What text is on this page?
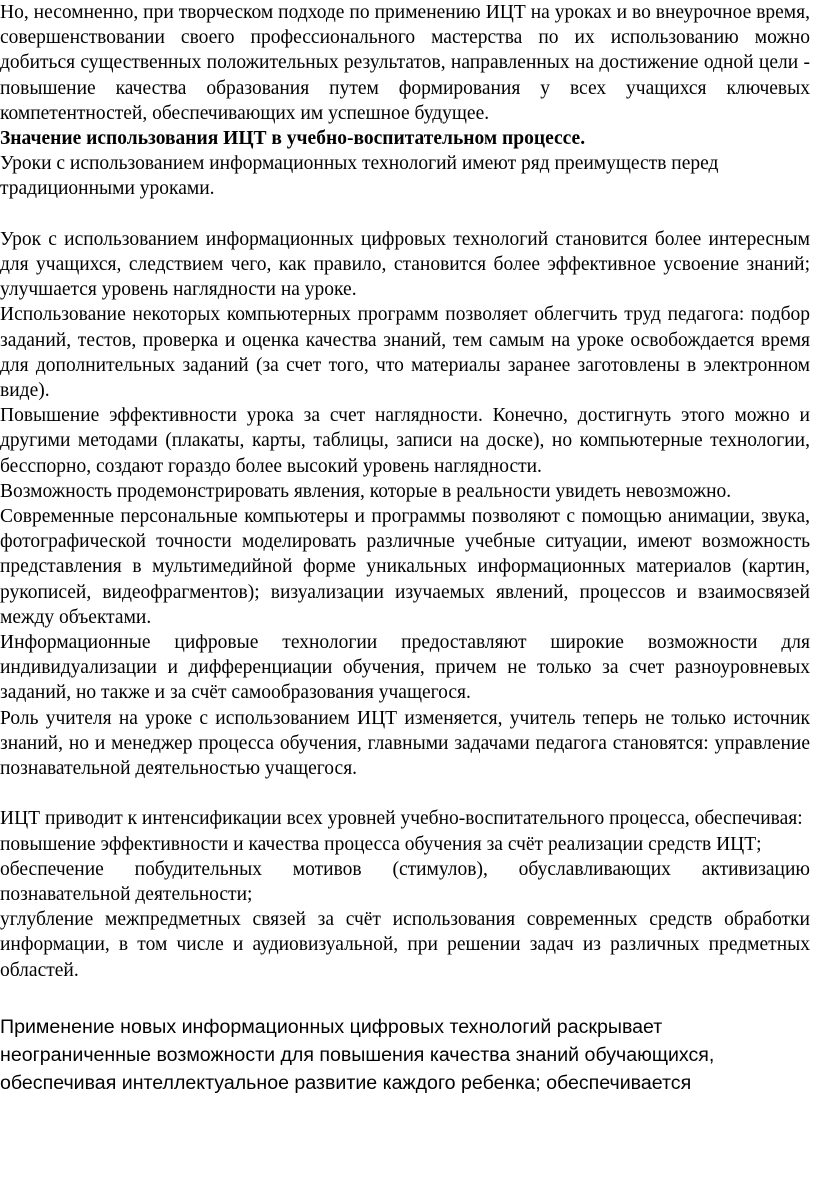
Но, несомненно, при творческом подходе по применению ИЦТ на уроках и во внеурочное время, совершенствовании своего профессионального мастерства по их использованию можно добиться существенных положительных результатов, направленных на достижение одной цели - повышение качества образования путем формирования у всех учащихся ключевых компетентностей, обеспечивающих им успешное будущее.

Значение использования ИЦТ в учебно-воспитательном процессе.

Уроки с использованием информационных технологий имеют ряд преимуществ перед традиционными уроками.

Урок с использованием информационных цифровых технологий становится более интересным для учащихся, следствием чего, как правило, становится более эффективное усвоение знаний; улучшается уровень наглядности на уроке.

Использование некоторых компьютерных программ позволяет облегчить труд педагога: подбор заданий, тестов, проверка и оценка качества знаний, тем самым на уроке освобождается время для дополнительных заданий (за счет того, что материалы заранее заготовлены в электронном виде).

Повышение эффективности урока за счет наглядности. Конечно, достигнуть этого можно и другими методами (плакаты, карты, таблицы, записи на доске), но компьютерные технологии, бесспорно, создают гораздо более высокий уровень наглядности.

Возможность продемонстрировать явления, которые в реальности увидеть невозможно.

Современные персональные компьютеры и программы позволяют с помощью анимации, звука, фотографической точности моделировать различные учебные ситуации, имеют возможность представления в мультимедийной форме уникальных информационных материалов (картин, рукописей, видеофрагментов); визуализации изучаемых явлений, процессов и взаимосвязей между объектами.

Информационные цифровые технологии предоставляют широкие возможности для индивидуализации и дифференциации обучения, причем не только за счет разноуровневых заданий, но также и за счёт самообразования учащегося.

Роль учителя на уроке с использованием ИЦТ изменяется, учитель теперь не только источник знаний, но и менеджер процесса обучения, главными задачами педагога становятся: управление познавательной деятельностью учащегося.

ИЦТ приводит к интенсификации всех уровней учебно-воспитательного процесса, обеспечивая:

повышение эффективности и качества процесса обучения за счёт реализации средств ИЦТ;

обеспечение побудительных мотивов (стимулов), обуславливающих активизацию познавательной деятельности;

углубление межпредметных связей за счёт использования современных средств обработки информации, в том числе и аудиовизуальной, при решении задач из различных предметных областей.

Применение новых информационных цифровых технологий раскрывает неограниченные возможности для повышения качества знаний обучающихся, обеспечивая интеллектуальное развитие каждого ребенка; обеспечивается
